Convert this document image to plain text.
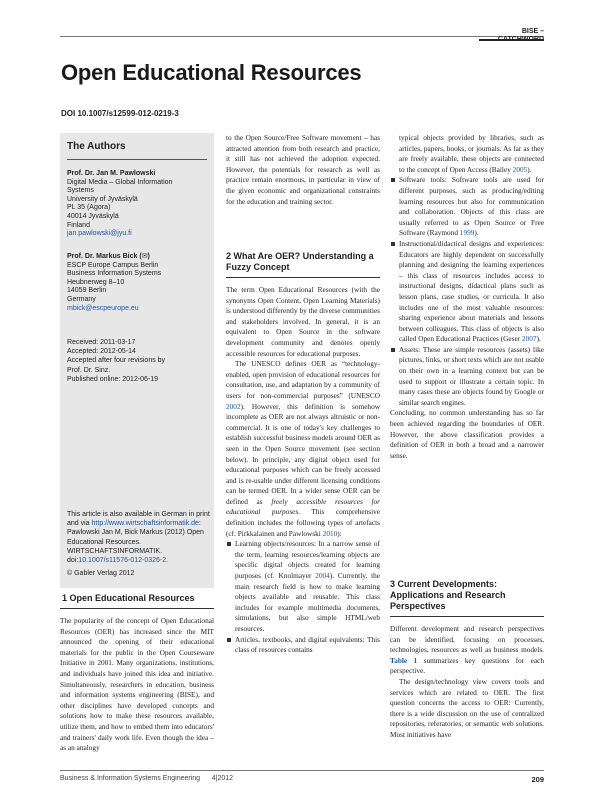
BISE – CATCHWORD
Open Educational Resources
DOI 10.1007/s12599-012-0219-3
The Authors
Prof. Dr. Jan M. Pawlowski
Digital Media – Global Information
Systems
University of Jyväskylä
PL 35 (Agora)
40014 Jyväskylä
Finland
jan.pawlowski@jyu.fi
Prof. Dr. Markus Bick (✉)
ESCP Europe Campus Berlin
Business Information Systems
Heubnerweg 8–10
14059 Berlin
Germany
mbick@escpeurope.eu
Received: 2011-03-17
Accepted: 2012-05-14
Accepted after four revisions by
Prof. Dr. Sinz.
Published online: 2012-06-19
This article is also available in German in print and via http://www.wirtschaftsinformatik.de: Pawlowski Jan M, Bick Markus (2012) Open Educational Resources. WIRTSCHAFTSINFORMATIK. doi:10.1007/s11576-012-0326-2.
© Gabler Verlag 2012
1 Open Educational Resources

The popularity of the concept of Open Educational Resources (OER) has increased since the MIT announced the opening of their educational materials for the public in the Open Courseware Initiative in 2001. Many organizations, institutions, and individuals have joined this idea and initiative. Simultaneously, researchers in education, business and information systems engineering (BISE), and other disciplines have developed concepts and solutions how to make these resources available, utilize them, and how to embed them into educators' and trainers' daily work life. Even though the idea – as an analogy

to the Open Source/Free Software movement – has attracted attention from both research and practice, it still has not achieved the adoption expected. However, the potentials for research as well as practice remain enormous, in particular in view of the given economic and organizational constraints for the education and training sector.

2 What Are OER? Understanding a Fuzzy Concept

The term Open Educational Resources (with the synonyms Open Content, Open Learning Materials) is understood differently by the diverse communities and stakeholders involved. In general, it is an equivalent to Open Source in the software development community and denotes openly accessible resources for educational purposes.

The UNESCO defines OER as “technology-enabled, open provision of educational resources for consultation, use, and adaptation by a community of users for non-commercial purposes” (UNESCO 2002). However, this definition is somehow incomplete as OER are not always altruistic or non-commercial. It is one of today's key challenges to establish successful business models around OER as seen in the Open Source movement (see section below). In principle, any digital object used for educational purposes which can be freely accessed and is re-usable under different licensing conditions can be termed OER. In a wider sense OER can be defined as freely accessible resources for educational purposes. This comprehensive definition includes the following types of artefacts (cf. Pirkkalainen and Pawlowski 2010):

Learning objects/resources: In a narrow sense of the term, learning resources/learning objects are specific digital objects created for learning purposes (cf. Knolmayer 2004). Currently, the main research field is how to make learning objects available and reusable. This class includes for example multimedia documents, simulations, but also simple HTML/web resources.
Articles, textbooks, and digital equivalents: This class of resources contains
typical objects provided by libraries, such as articles, papers, books, or journals. As far as they are freely available, these objects are connected to the concept of Open Access (Bailey 2005).
Software tools: Software tools are used for different purposes, such as producing/editing learning resources but also for communication and collaboration. Objects of this class are usually referred to as Open Source or Free Software (Raymond 1999).
Instructional/didactical designs and experiences: Educators are highly dependent on successfully planning and designing the learning experiences – this class of resources includes access to instructional designs, didactical plans such as lesson plans, case studies, or curricula. It also includes one of the most valuable resources: sharing experience about materials and lessons between colleagues. This class of objects is also called Open Educational Practices (Geser 2007).
Assets: These are simple resources (assets) like pictures, links, or short texts which are not usable on their own in a learning context but can be used to support or illustrate a certain topic. In many cases these are objects found by Google or similar search engines.

Concluding, no common understanding has so far been achieved regarding the boundaries of OER. However, the above classification provides a definition of OER in both a broad and a narrower sense.

3 Current Developments: Applications and Research Perspectives

Different development and research perspectives can be identified, focusing on processes, technologies, resources as well as business models. Table 1 summarizes key questions for each perspective.

The design/technology view covers tools and services which are related to OER. The first question concerns the access to OER: Currently, there is a wide discussion on the use of centralized repositories, referatories, or semantic web solutions. Most initiatives have

Business & Information Systems Engineering 4|2012	209
